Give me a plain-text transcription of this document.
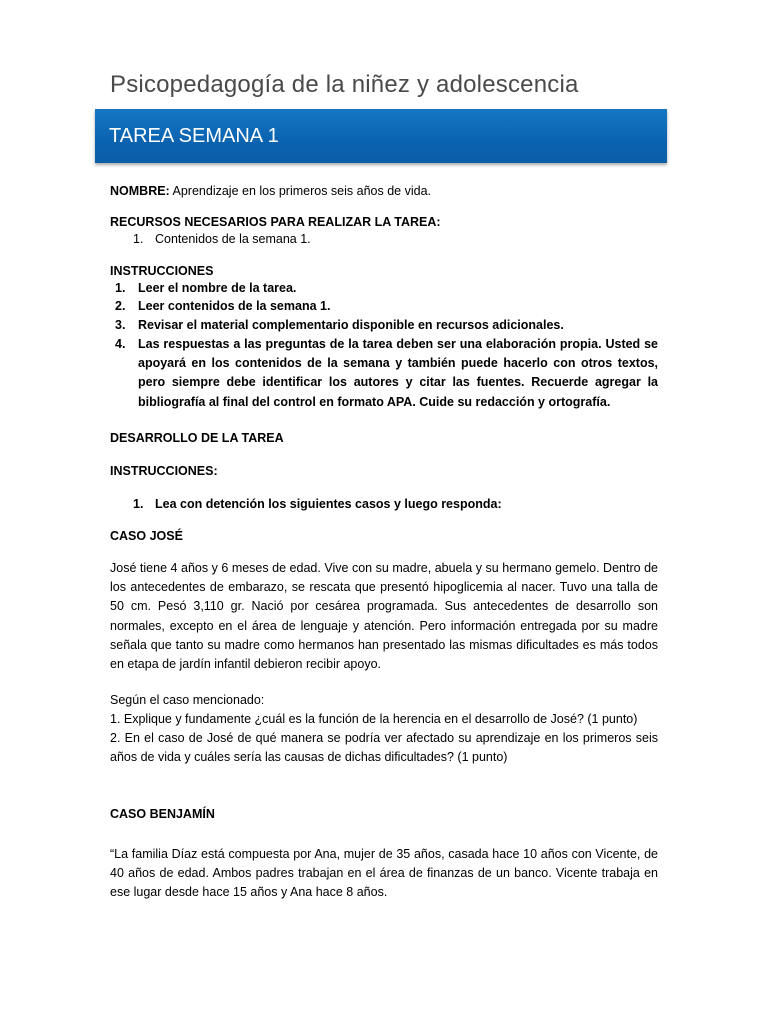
Psicopedagogía de la niñez y adolescencia
TAREA SEMANA 1
NOMBRE: Aprendizaje en los primeros seis años de vida.
RECURSOS NECESARIOS PARA REALIZAR LA TAREA:
1. Contenidos de la semana 1.
INSTRUCCIONES
1. Leer el nombre de la tarea.
2. Leer contenidos de la semana 1.
3. Revisar el material complementario disponible en recursos adicionales.
4. Las respuestas a las preguntas de la tarea deben ser una elaboración propia. Usted se apoyará en los contenidos de la semana y también puede hacerlo con otros textos, pero siempre debe identificar los autores y citar las fuentes. Recuerde agregar la bibliografía al final del control en formato APA. Cuide su redacción y ortografía.
DESARROLLO DE LA TAREA
INSTRUCCIONES:
1. Lea con detención los siguientes casos y luego responda:
CASO JOSÉ
José tiene 4 años y 6 meses de edad. Vive con su madre, abuela y su hermano gemelo. Dentro de los antecedentes de embarazo, se rescata que presentó hipoglicemia al nacer. Tuvo una talla de 50 cm. Pesó 3,110 gr. Nació por cesárea programada. Sus antecedentes de desarrollo son normales, excepto en el área de lenguaje y atención. Pero información entregada por su madre señala que tanto su madre como hermanos han presentado las mismas dificultades es más todos en etapa de jardín infantil debieron recibir apoyo.
Según el caso mencionado:
1. Explique y fundamente ¿cuál es la función de la herencia en el desarrollo de José? (1 punto)
2. En el caso de José de qué manera se podría ver afectado su aprendizaje en los primeros seis años de vida y cuáles sería las causas de dichas dificultades? (1 punto)
CASO BENJAMÍN
“La familia Díaz está compuesta por Ana, mujer de 35 años, casada hace 10 años con Vicente, de 40 años de edad. Ambos padres trabajan en el área de finanzas de un banco. Vicente trabaja en ese lugar desde hace 15 años y Ana hace 8 años.
